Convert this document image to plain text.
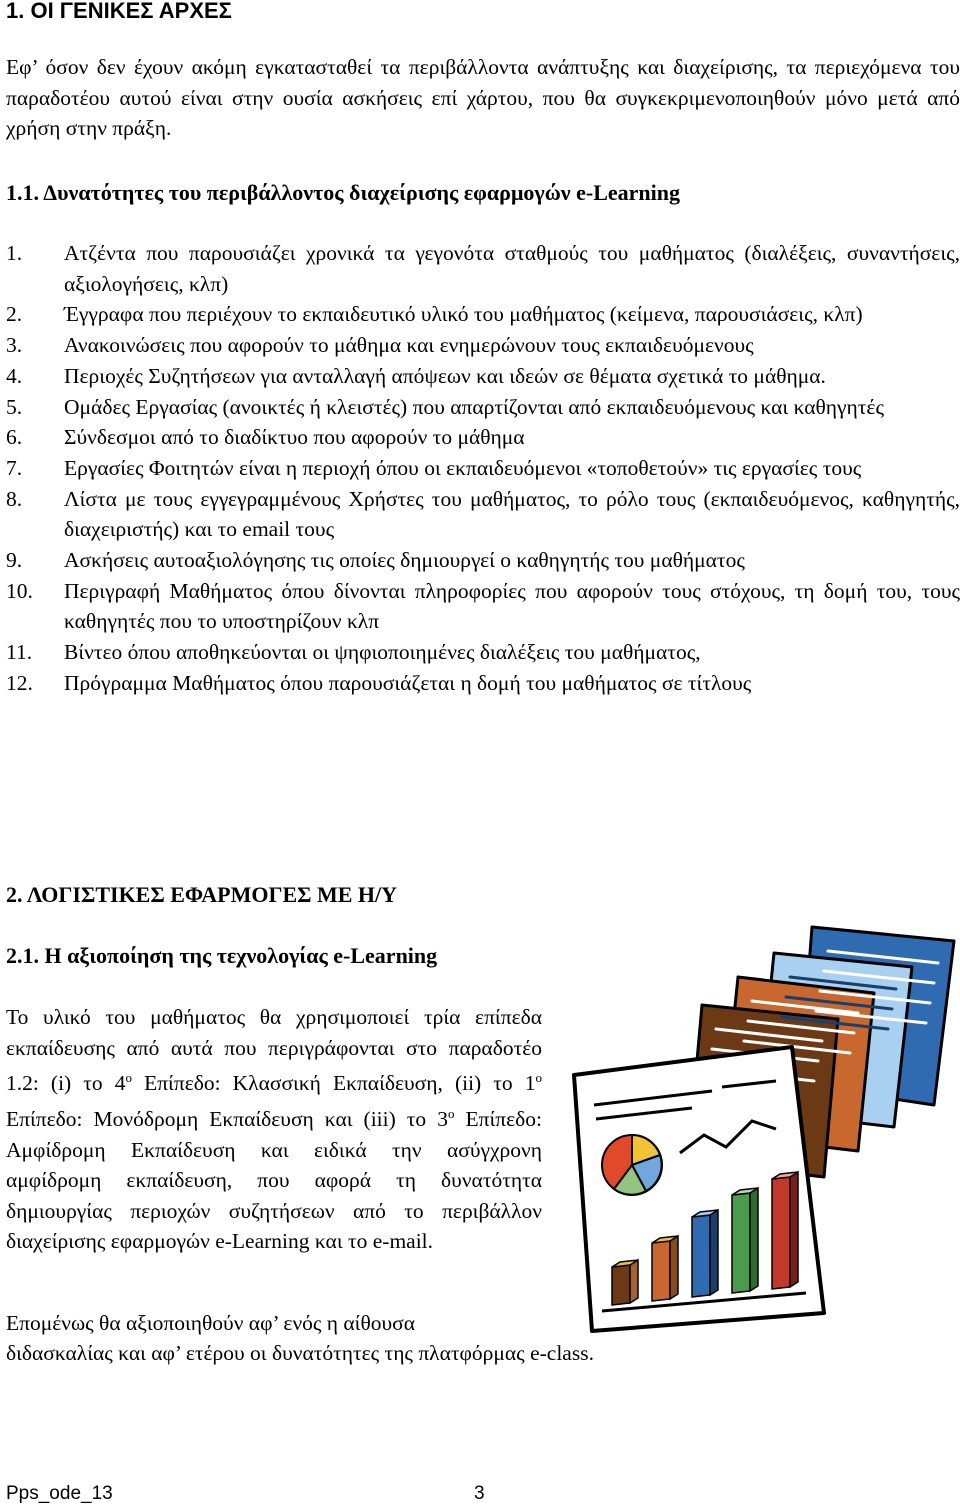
1. ΟΙ ΓΕΝΙΚΕΣ ΑΡΧΕΣ

Εφ’ όσον δεν έχουν ακόμη εγκατασταθεί τα περιβάλλοντα ανάπτυξης και διαχείρισης, τα περιεχόμενα του παραδοτέου αυτού είναι στην ουσία ασκήσεις επί χάρτου, που θα συγκεκριμενοποιηθούν μόνο μετά από χρήση στην πράξη.

1.1. Δυνατότητες του περιβάλλοντος διαχείρισης εφαρμογών e-Learning
1.	Ατζέντα που παρουσιάζει χρονικά τα γεγονότα σταθμούς του μαθήματος (διαλέξεις, συναντήσεις, αξιολογήσεις, κλπ)
2.	Έγγραφα που περιέχουν το εκπαιδευτικό υλικό του μαθήματος (κείμενα, παρουσιάσεις, κλπ)
3.	Ανακοινώσεις που αφορούν το μάθημα και ενημερώνουν τους εκπαιδευόμενους
4.	Περιοχές Συζητήσεων για ανταλλαγή απόψεων και ιδεών σε θέματα σχετικά το μάθημα.
5.	Ομάδες Εργασίας (ανοικτές ή κλειστές) που απαρτίζονται από εκπαιδευόμενους και καθηγητές
6.	Σύνδεσμοι από το διαδίκτυο που αφορούν το μάθημα
7.	Εργασίες Φοιτητών είναι η περιοχή όπου οι εκπαιδευόμενοι «τοποθετούν» τις εργασίες τους
8.	Λίστα με τους εγγεγραμμένους Χρήστες του μαθήματος, το ρόλο τους (εκπαιδευόμενος, καθηγητής, διαχειριστής) και το email τους
9.	Ασκήσεις αυτοαξιολόγησης τις οποίες δημιουργεί ο καθηγητής του μαθήματος
10.	Περιγραφή Μαθήματος όπου δίνονται πληροφορίες που αφορούν τους στόχους, τη δομή του, τους καθηγητές που το υποστηρίζουν κλπ
11.	Βίντεο όπου αποθηκεύονται οι ψηφιοποιημένες διαλέξεις του μαθήματος,
12.	Πρόγραμμα Μαθήματος όπου παρουσιάζεται η δομή του μαθήματος σε τίτλους
2. ΛΟΓΙΣΤΙΚΕΣ ΕΦΑΡΜΟΓΕΣ ΜΕ Η/Υ
2.1. Η αξιοποίηση της τεχνολογίας e-Learning

Το υλικό του μαθήματος θα χρησιμοποιεί τρία επίπεδα εκπαίδευσης από αυτά που περιγράφονται στο παραδοτέο 1.2: (i) το $4^o$ Επίπεδο: Κλασσική Εκπαίδευση, (ii) το $1^o$ Επίπεδο: Μονόδρομη Εκπαίδευση και (iii) το $3^o$ Επίπεδο: Αμφίδρομη Εκπαίδευση και ειδικά την ασύγχρονη αμφίδρομη εκπαίδευση, που αφορά τη δυνατότητα δημιουργίας περιοχών συζητήσεων από το περιβάλλον διαχείρισης εφαρμογών e-Learning και το e-mail.

Επομένως θα αξιοποιηθούν αφ’ ενός η αίθουσα

διδασκαλίας και αφ’ ετέρου οι δυνατότητες της πλατφόρμας e-class.

Pps_ode_13	3
